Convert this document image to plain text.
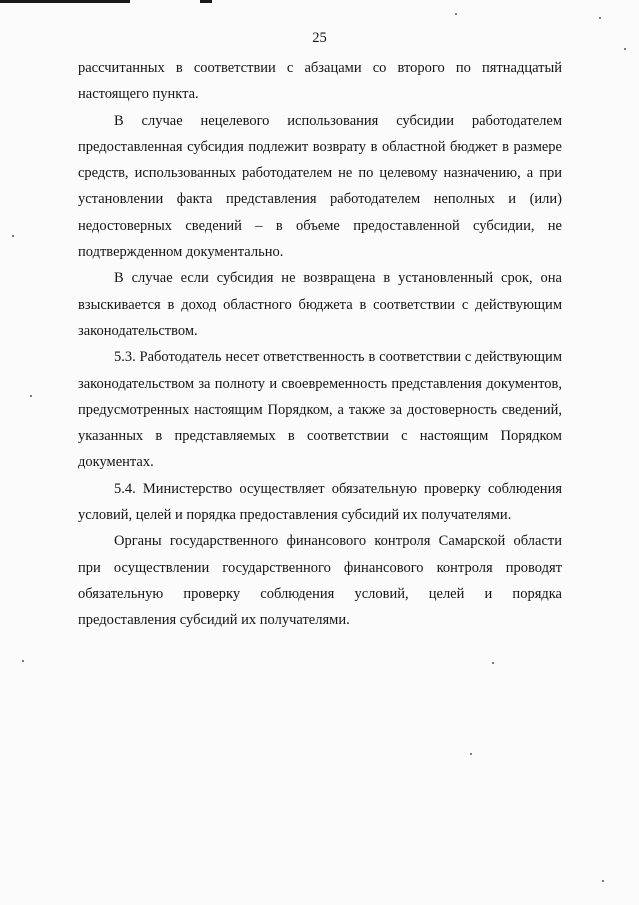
25

рассчитанных в соответствии с абзацами со второго по пятнадцатый настоящего пункта.

В случае нецелевого использования субсидии работодателем предоставленная субсидия подлежит возврату в областной бюджет в размере средств, использованных работодателем не по целевому назначению, а при установлении факта представления работодателем неполных и (или) недостоверных сведений – в объеме предоставленной субсидии, не подтвержденном документально.

В случае если субсидия не возвращена в установленный срок, она взыскивается в доход областного бюджета в соответствии с действующим законодательством.

5.3. Работодатель несет ответственность в соответствии с действующим законодательством за полноту и своевременность представления документов, предусмотренных настоящим Порядком, а также за достоверность сведений, указанных в представляемых в соответствии с настоящим Порядком документах.

5.4. Министерство осуществляет обязательную проверку соблюдения условий, целей и порядка предоставления субсидий их получателями.

Органы государственного финансового контроля Самарской области при осуществлении государственного финансового контроля проводят обязательную проверку соблюдения условий, целей и порядка предоставления субсидий их получателями.
